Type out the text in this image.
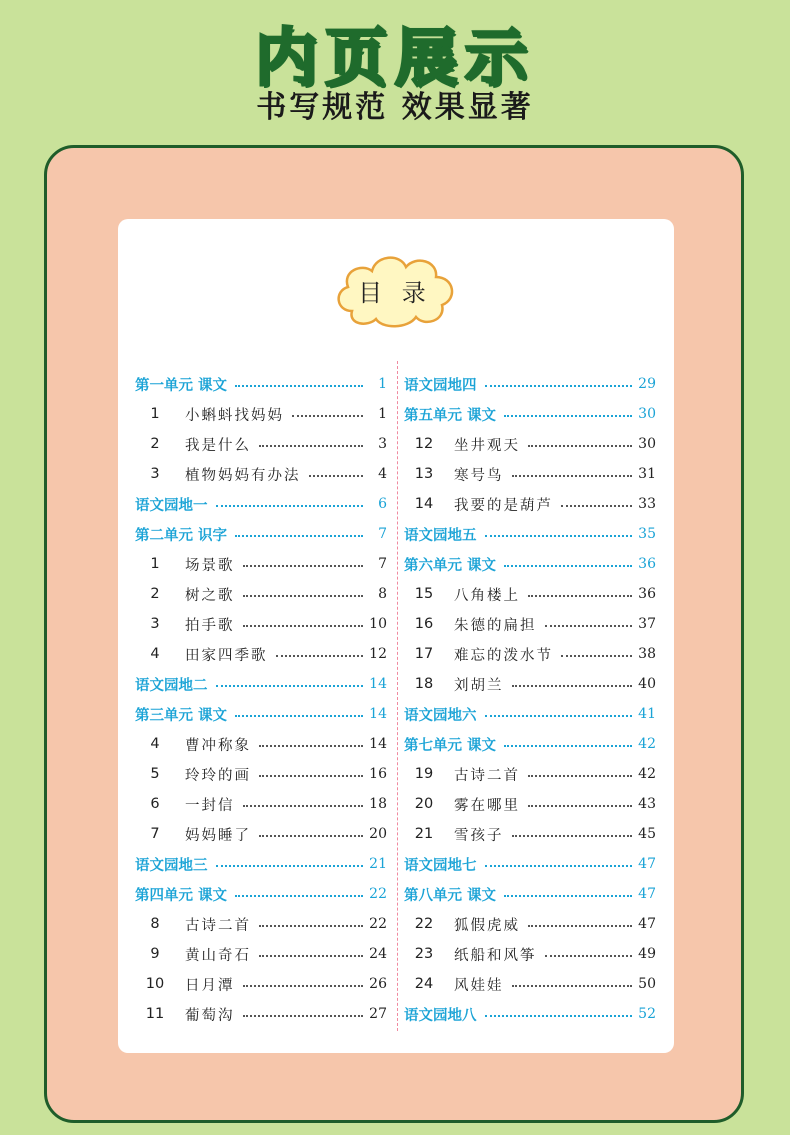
内页展示
书写规范 效果显著
目 录
第一单元 课文	1
1	小蝌蚪找妈妈	1
2	我是什么	3
3	植物妈妈有办法	4
语文园地一	6
第二单元 识字	7
1	场景歌	7
2	树之歌	8
3	拍手歌	10
4	田家四季歌	12
语文园地二	14
第三单元 课文	14
4	曹冲称象	14
5	玲玲的画	16
6	一封信	18
7	妈妈睡了	20
语文园地三	21
第四单元 课文	22
8	古诗二首	22
9	黄山奇石	24
10	日月潭	26
11	葡萄沟	27
语文园地四	29
第五单元 课文	30
12	坐井观天	30
13	寒号鸟	31
14	我要的是葫芦	33
语文园地五	35
第六单元 课文	36
15	八角楼上	36
16	朱德的扁担	37
17	难忘的泼水节	38
18	刘胡兰	40
语文园地六	41
第七单元 课文	42
19	古诗二首	42
20	雾在哪里	43
21	雪孩子	45
语文园地七	47
第八单元 课文	47
22	狐假虎威	47
23	纸船和风筝	49
24	风娃娃	50
语文园地八	52
